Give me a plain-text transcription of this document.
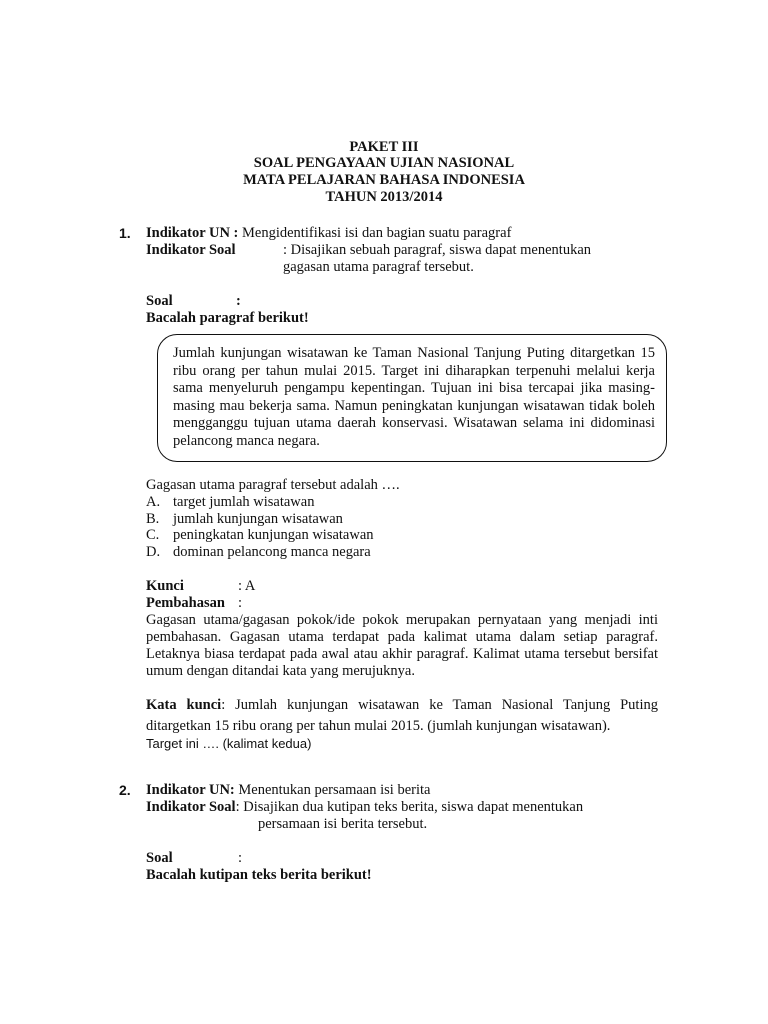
PAKET III
SOAL PENGAYAAN UJIAN NASIONAL
MATA PELAJARAN BAHASA INDONESIA
TAHUN 2013/2014
1. Indikator UN : Mengidentifikasi isi dan bagian suatu paragraf
Indikator Soal	: Disajikan sebuah paragraf, siswa dapat menentukan
gagasan utama paragraf tersebut.
Soal	:
Bacalah paragraf berikut!
Jumlah kunjungan wisatawan ke Taman Nasional Tanjung Puting ditargetkan 15 ribu orang per tahun mulai 2015. Target ini diharapkan terpenuhi melalui kerja sama menyeluruh pengampu kepentingan. Tujuan ini bisa tercapai jika masing-masing mau bekerja sama. Namun peningkatan kunjungan wisatawan tidak boleh mengganggu tujuan utama daerah konservasi. Wisatawan selama ini didominasi pelancong manca negara.
Gagasan utama paragraf tersebut adalah ….
A. target jumlah wisatawan
B. jumlah kunjungan wisatawan
C. peningkatan kunjungan wisatawan
D. dominan pelancong manca negara
Kunci	: A
Pembahasan :
Gagasan utama/gagasan pokok/ide pokok merupakan pernyataan yang menjadi inti pembahasan. Gagasan utama terdapat pada kalimat utama dalam setiap paragraf. Letaknya biasa terdapat pada awal atau akhir paragraf. Kalimat utama tersebut bersifat umum dengan ditandai kata yang merujuknya.
Kata kunci: Jumlah kunjungan wisatawan ke Taman Nasional Tanjung Puting ditargetkan 15 ribu orang per tahun mulai 2015. (jumlah kunjungan wisatawan).
Target ini …. (kalimat kedua)
2. Indikator UN: Menentukan persamaan isi berita
Indikator Soal: Disajikan dua kutipan teks berita, siswa dapat menentukan
persamaan isi berita tersebut.
Soal	:
Bacalah kutipan teks berita berikut!
